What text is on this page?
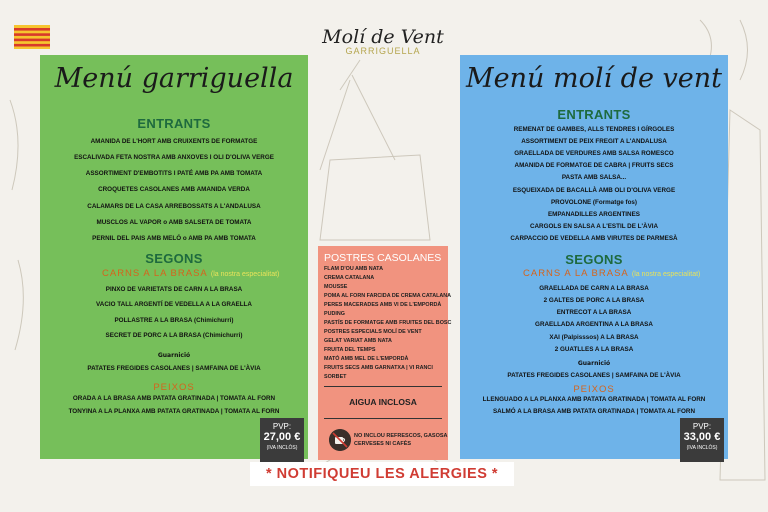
Molí de Vent
GARRIGUELLA
Menú garriguella
ENTRANTS
AMANIDA DE L'HORT AMB CRUIXENTS DE FORMATGE
ESCALIVADA FETA NOSTRA AMB ANXOVES I OLI D'OLIVA VERGE
ASSORTIMENT D'EMBOTITS I PATÉ AMB PA AMB TOMATA
CROQUETES CASOLANES AMB AMANIDA VERDA
CALAMARS DE LA CASA ARREBOSSATS A L'ANDALUSA
MUSCLOS AL VAPOR o AMB SALSETA DE TOMATA
PERNIL DEL PAIS AMB MELÓ o AMB PA AMB TOMATA
SEGONS
CARNS A LA BRASA (la nostra especialitat)
PINXO DE VARIETATS DE CARN A LA BRASA
VACIO TALL ARGENTÍ DE VEDELLA A LA GRAELLA
POLLASTRE A LA BRASA (Chimichurri)
SECRET DE PORC A LA BRASA (Chimichurri)
Guarnició
PATATES FREGIDES CASOLANES | SAMFAINA DE L'ÀVIA
PEIXOS
ORADA A LA BRASA AMB PATATA GRATINADA | TOMATA AL FORN
TONYINA A LA PLANXA AMB PATATA GRATINADA | TOMATA AL FORN
PVP:
27,00 €
(IVA INCLÒS)
POSTRES CASOLANES
FLAM D'OU AMB NATA
CREMA CATALANA
MOUSSE
POMA AL FORN FARCIDA DE CREMA CATALANA
PERES MACERADES AMB VI DE L'EMPORDÀ
PUDING
PASTÍS DE FORMATGE AMB FRUITES DEL BOSC
POSTRES ESPECIALS MOLÍ DE VENT
GELAT VARIAT AMB NATA
FRUITA DEL TEMPS
MATÓ AMB MEL DE L'EMPORDÀ
FRUITS SECS AMB GARNATXA | VI RANCI
SORBET
AIGUA INCLOSA
NO INCLOU REFRESCOS, GASOSA
CERVESES NI CAFÈS
Menú molí de vent
ENTRANTS
REMENAT DE GAMBES, ALLS TENDRES I GÍRGOLES
ASSORTIMENT DE PEIX FREGIT A L'ANDALUSA
GRAELLADA DE VERDURES AMB SALSA ROMESCO
AMANIDA DE FORMATGE DE CABRA | FRUITS SECS
PASTA AMB SALSA...
ESQUEIXADA DE BACALLÀ AMB OLI D'OLIVA VERGE
PROVOLONE (Formatge fos)
EMPANADILLES ARGENTINES
CARGOLS EN SALSA A L'ESTIL DE L'ÀVIA
CARPACCIO DE VEDELLA AMB VIRUTES DE PARMESÀ
SEGONS
CARNS A LA BRASA (la nostra especialitat)
GRAELLADA DE CARN A LA BRASA
2 GALTES DE PORC A LA BRASA
ENTRECOT A LA BRASA
GRAELLADA ARGENTINA A LA BRASA
XAI (Palpisssos) A LA BRASA
2 GUATLLES A LA BRASA
Guarnició
PATATES FREGIDES CASOLANES | SAMFAINA DE L'ÀVIA
PEIXOS
LLENGUADO A LA PLANXA AMB PATATA GRATINADA | TOMATA AL FORN
SALMÓ A LA BRASA AMB PATATA GRATINADA | TOMATA AL FORN
PVP:
33,00 €
(IVA INCLÒS)
* NOTIFIQUEU LES ALERGIES *
